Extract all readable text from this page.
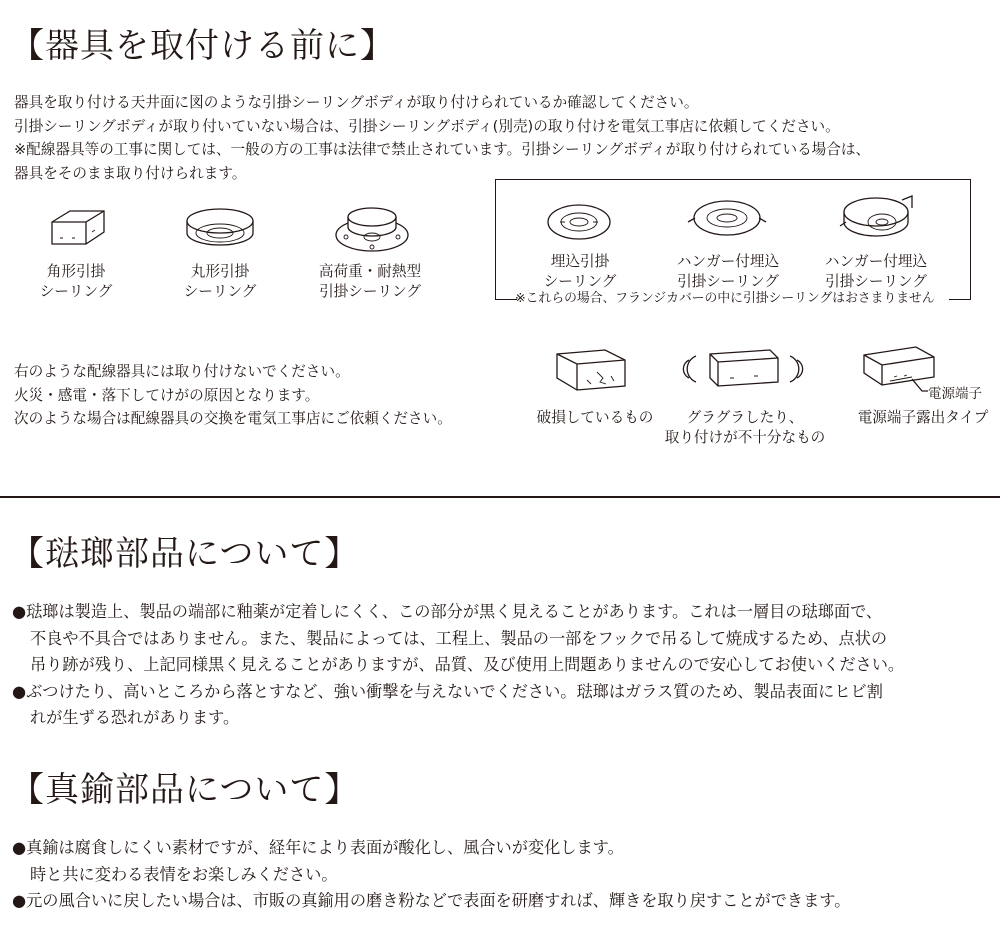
【器具を取付ける前に】
器具を取り付ける天井面に図のような引掛シーリングボディが取り付けられているか確認してください。
引掛シーリングボディが取り付いていない場合は、引掛シーリングボディ(別売)の取り付けを電気工事店に依頼してください。
※配線器具等の工事に関しては、一般の方の工事は法律で禁止されています。引掛シーリングボディが取り付けられている場合は、
器具をそのまま取り付けられます。
角形引掛
シーリング
丸形引掛
シーリング
高荷重・耐熱型
引掛シーリング
埋込引掛
シーリング
ハンガー付埋込
引掛シーリング
ハンガー付埋込
引掛シーリング
※これらの場合、フランジカバーの中に引掛シーリングはおさまりません
右のような配線器具には取り付けないでください。
火災・感電・落下してけがの原因となります。
次のような場合は配線器具の交換を電気工事店にご依頼ください。	破損しているもの	グラグラしたり、
取り付けが不十分なもの
電源端子
電源端子露出タイプ
【琺瑯部品について】
●琺瑯は製造上、製品の端部に釉薬が定着しにくく、この部分が黒く見えることがあります。これは一層目の琺瑯面で、
不良や不具合ではありません。また、製品によっては、工程上、製品の一部をフックで吊るして焼成するため、点状の
吊り跡が残り、上記同様黒く見えることがありますが、品質、及び使用上問題ありませんので安心してお使いください。
●ぶつけたり、高いところから落とすなど、強い衝撃を与えないでください。琺瑯はガラス質のため、製品表面にヒビ割
れが生ずる恐れがあります。
【真鍮部品について】
●真鍮は腐食しにくい素材ですが、経年により表面が酸化し、風合いが変化します。
時と共に変わる表情をお楽しみください。
●元の風合いに戻したい場合は、市販の真鍮用の磨き粉などで表面を研磨すれば、輝きを取り戻すことができます。
